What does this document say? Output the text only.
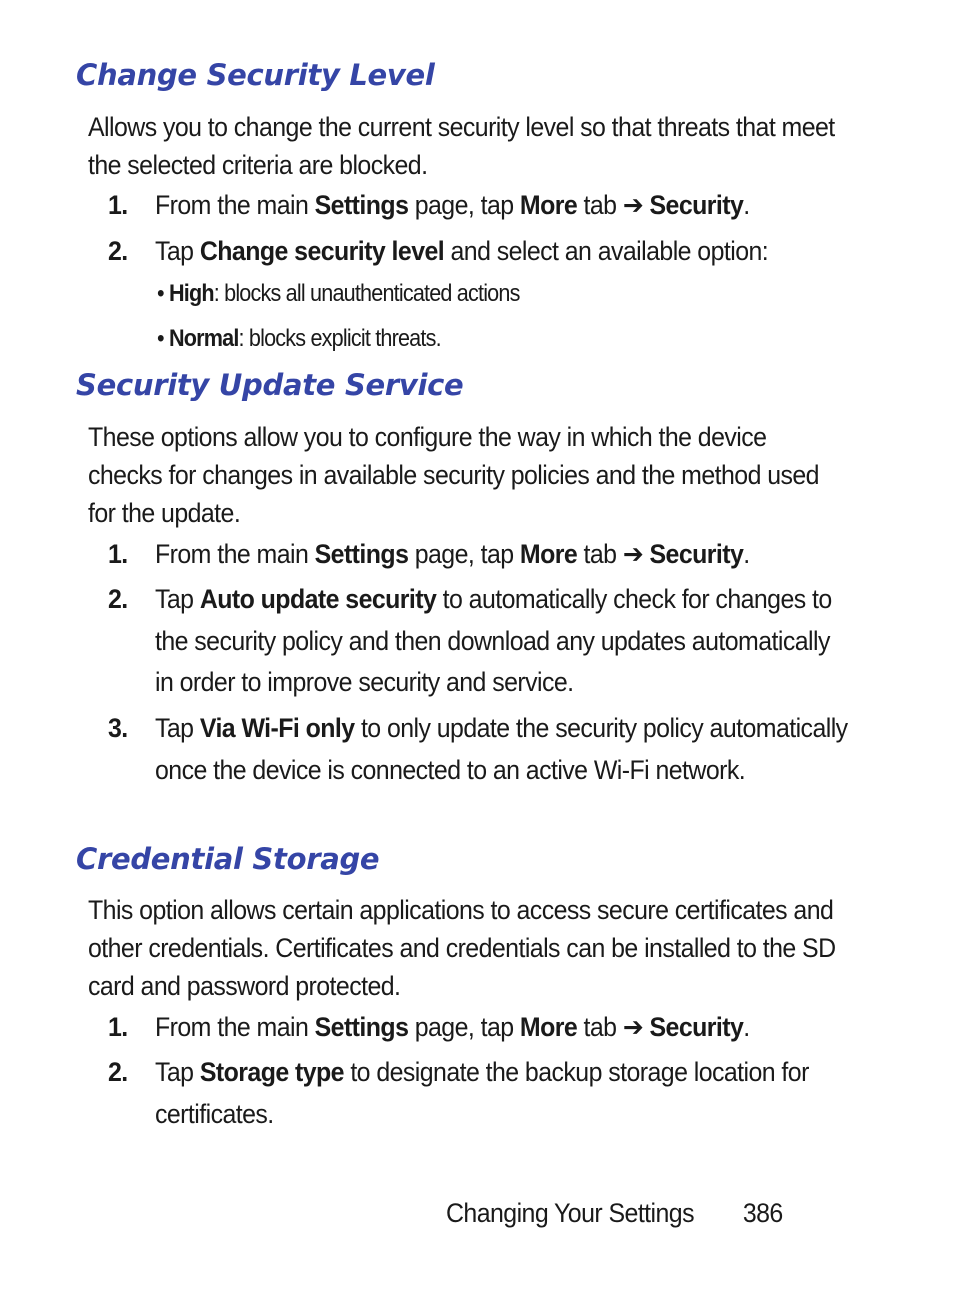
Change Security Level

Allows you to change the current security level so that threats that meet the selected criteria are blocked.

1. From the main Settings page, tap More tab ➔ Security.
2. Tap Change security level and select an available option:

• High: blocks all unauthenticated actions

• Normal: blocks explicit threats.

Security Update Service

These options allow you to configure the way in which the device checks for changes in available security policies and the method used for the update.

1. From the main Settings page, tap More tab ➔ Security.
2. Tap Auto update security to automatically check for changes to the security policy and then download any updates automatically in order to improve security and service.
3. Tap Via Wi-Fi only to only update the security policy automatically once the device is connected to an active Wi-Fi network.
Credential Storage

This option allows certain applications to access secure certificates and other credentials. Certificates and credentials can be installed to the SD card and password protected.

1. From the main Settings page, tap More tab ➔ Security.
2. Tap Storage type to designate the backup storage location for certificates.

Changing Your Settings 386
